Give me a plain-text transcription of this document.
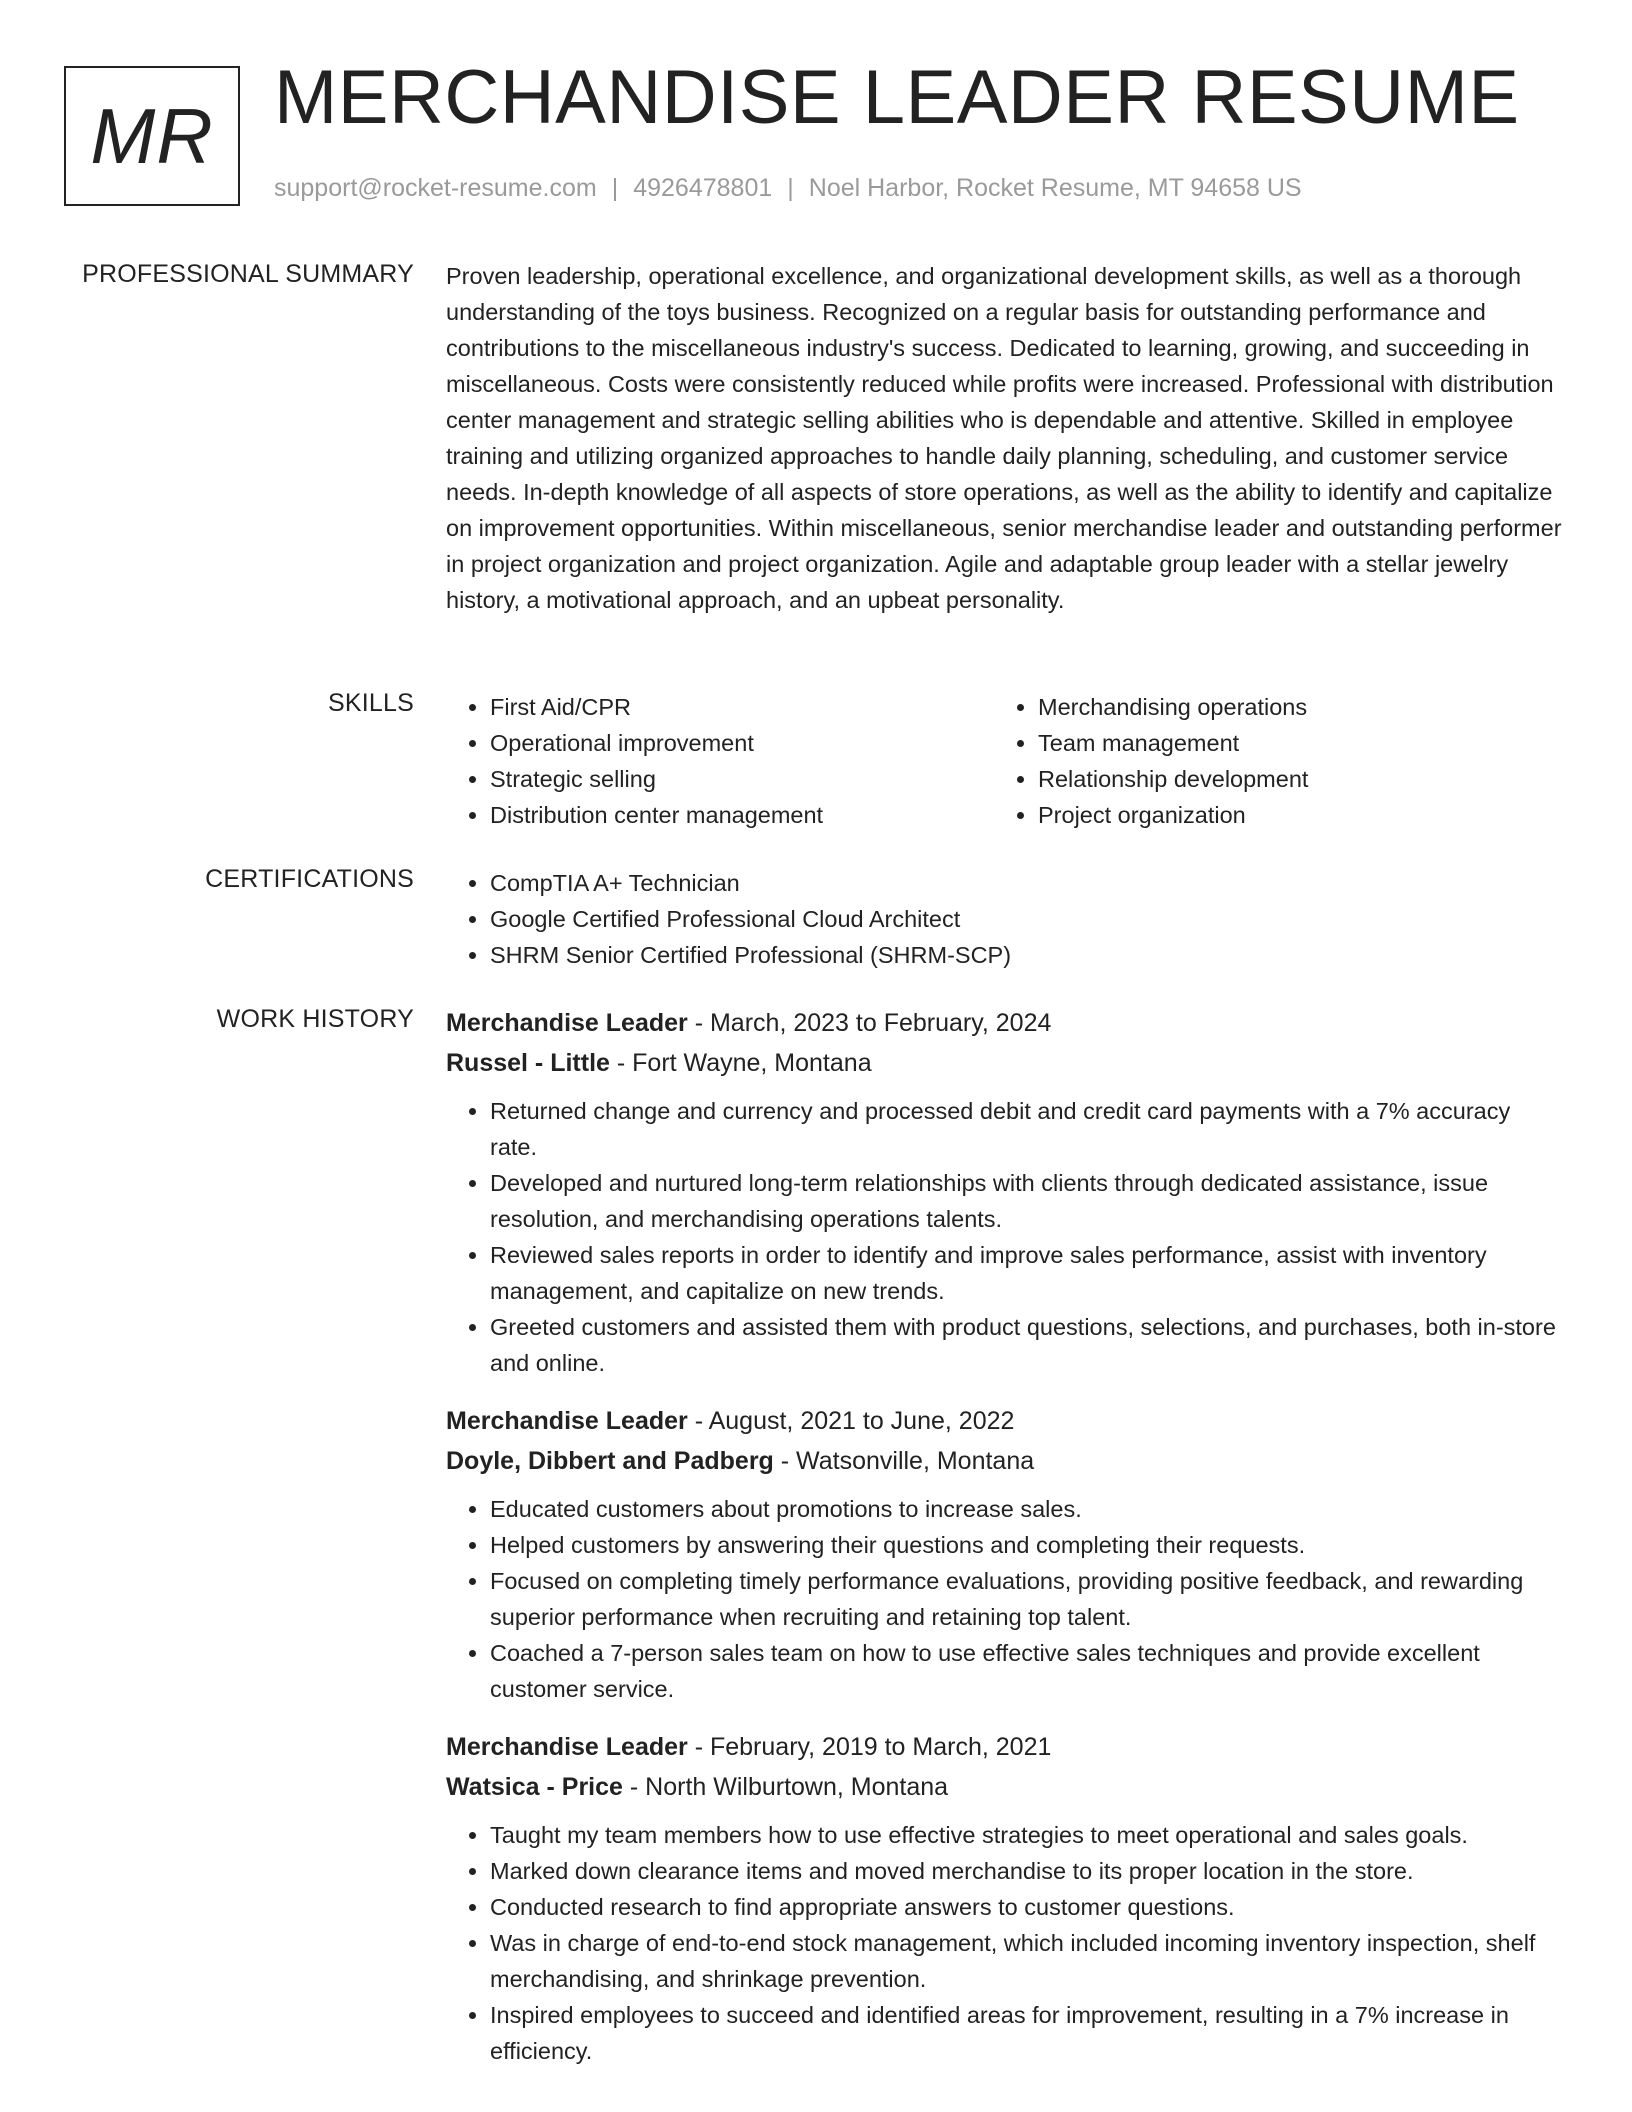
MR MERCHANDISE LEADER RESUME
support@rocket-resume.com | 4926478801 | Noel Harbor, Rocket Resume, MT 94658 US
PROFESSIONAL SUMMARY Proven leadership, operational excellence, and organizational development skills, as well as a thorough understanding of the toys business. Recognized on a regular basis for outstanding performance and contributions to the miscellaneous industry's success. Dedicated to learning, growing, and succeeding in miscellaneous. Costs were consistently reduced while profits were increased. Professional with distribution center management and strategic selling abilities who is dependable and attentive. Skilled in employee training and utilizing organized approaches to handle daily planning, scheduling, and customer service needs. In-depth knowledge of all aspects of store operations, as well as the ability to identify and capitalize on improvement opportunities. Within miscellaneous, senior merchandise leader and outstanding performer in project organization and project organization. Agile and adaptable group leader with a stellar jewelry history, a motivational approach, and an upbeat personality.

SKILLS	• First Aid/CPR
• Operational improvement
• Strategic selling
• Distribution center management
• Merchandising operations
• Team management
• Relationship development
• Project organization
CERTIFICATIONS	• CompTIA A+ Technician
• Google Certified Professional Cloud Architect
• SHRM Senior Certified Professional (SHRM-SCP)
WORK HISTORY Merchandise Leader - March, 2023 to February, 2024
Russel - Little - Fort Wayne, Montana
• Returned change and currency and processed debit and credit card payments with a 7% accuracy rate.
• Developed and nurtured long-term relationships with clients through dedicated assistance, issue resolution, and merchandising operations talents.
• Reviewed sales reports in order to identify and improve sales performance, assist with inventory management, and capitalize on new trends.
• Greeted customers and assisted them with product questions, selections, and purchases, both in-store and online.
Merchandise Leader - August, 2021 to June, 2022
Doyle, Dibbert and Padberg - Watsonville, Montana
• Educated customers about promotions to increase sales.
• Helped customers by answering their questions and completing their requests.
• Focused on completing timely performance evaluations, providing positive feedback, and rewarding superior performance when recruiting and retaining top talent.
• Coached a 7-person sales team on how to use effective sales techniques and provide excellent customer service.
Merchandise Leader - February, 2019 to March, 2021
Watsica - Price - North Wilburtown, Montana
• Taught my team members how to use effective strategies to meet operational and sales goals.
• Marked down clearance items and moved merchandise to its proper location in the store.
• Conducted research to find appropriate answers to customer questions.
• Was in charge of end-to-end stock management, which included incoming inventory inspection, shelf merchandising, and shrinkage prevention.
• Inspired employees to succeed and identified areas for improvement, resulting in a 7% increase in efficiency.
